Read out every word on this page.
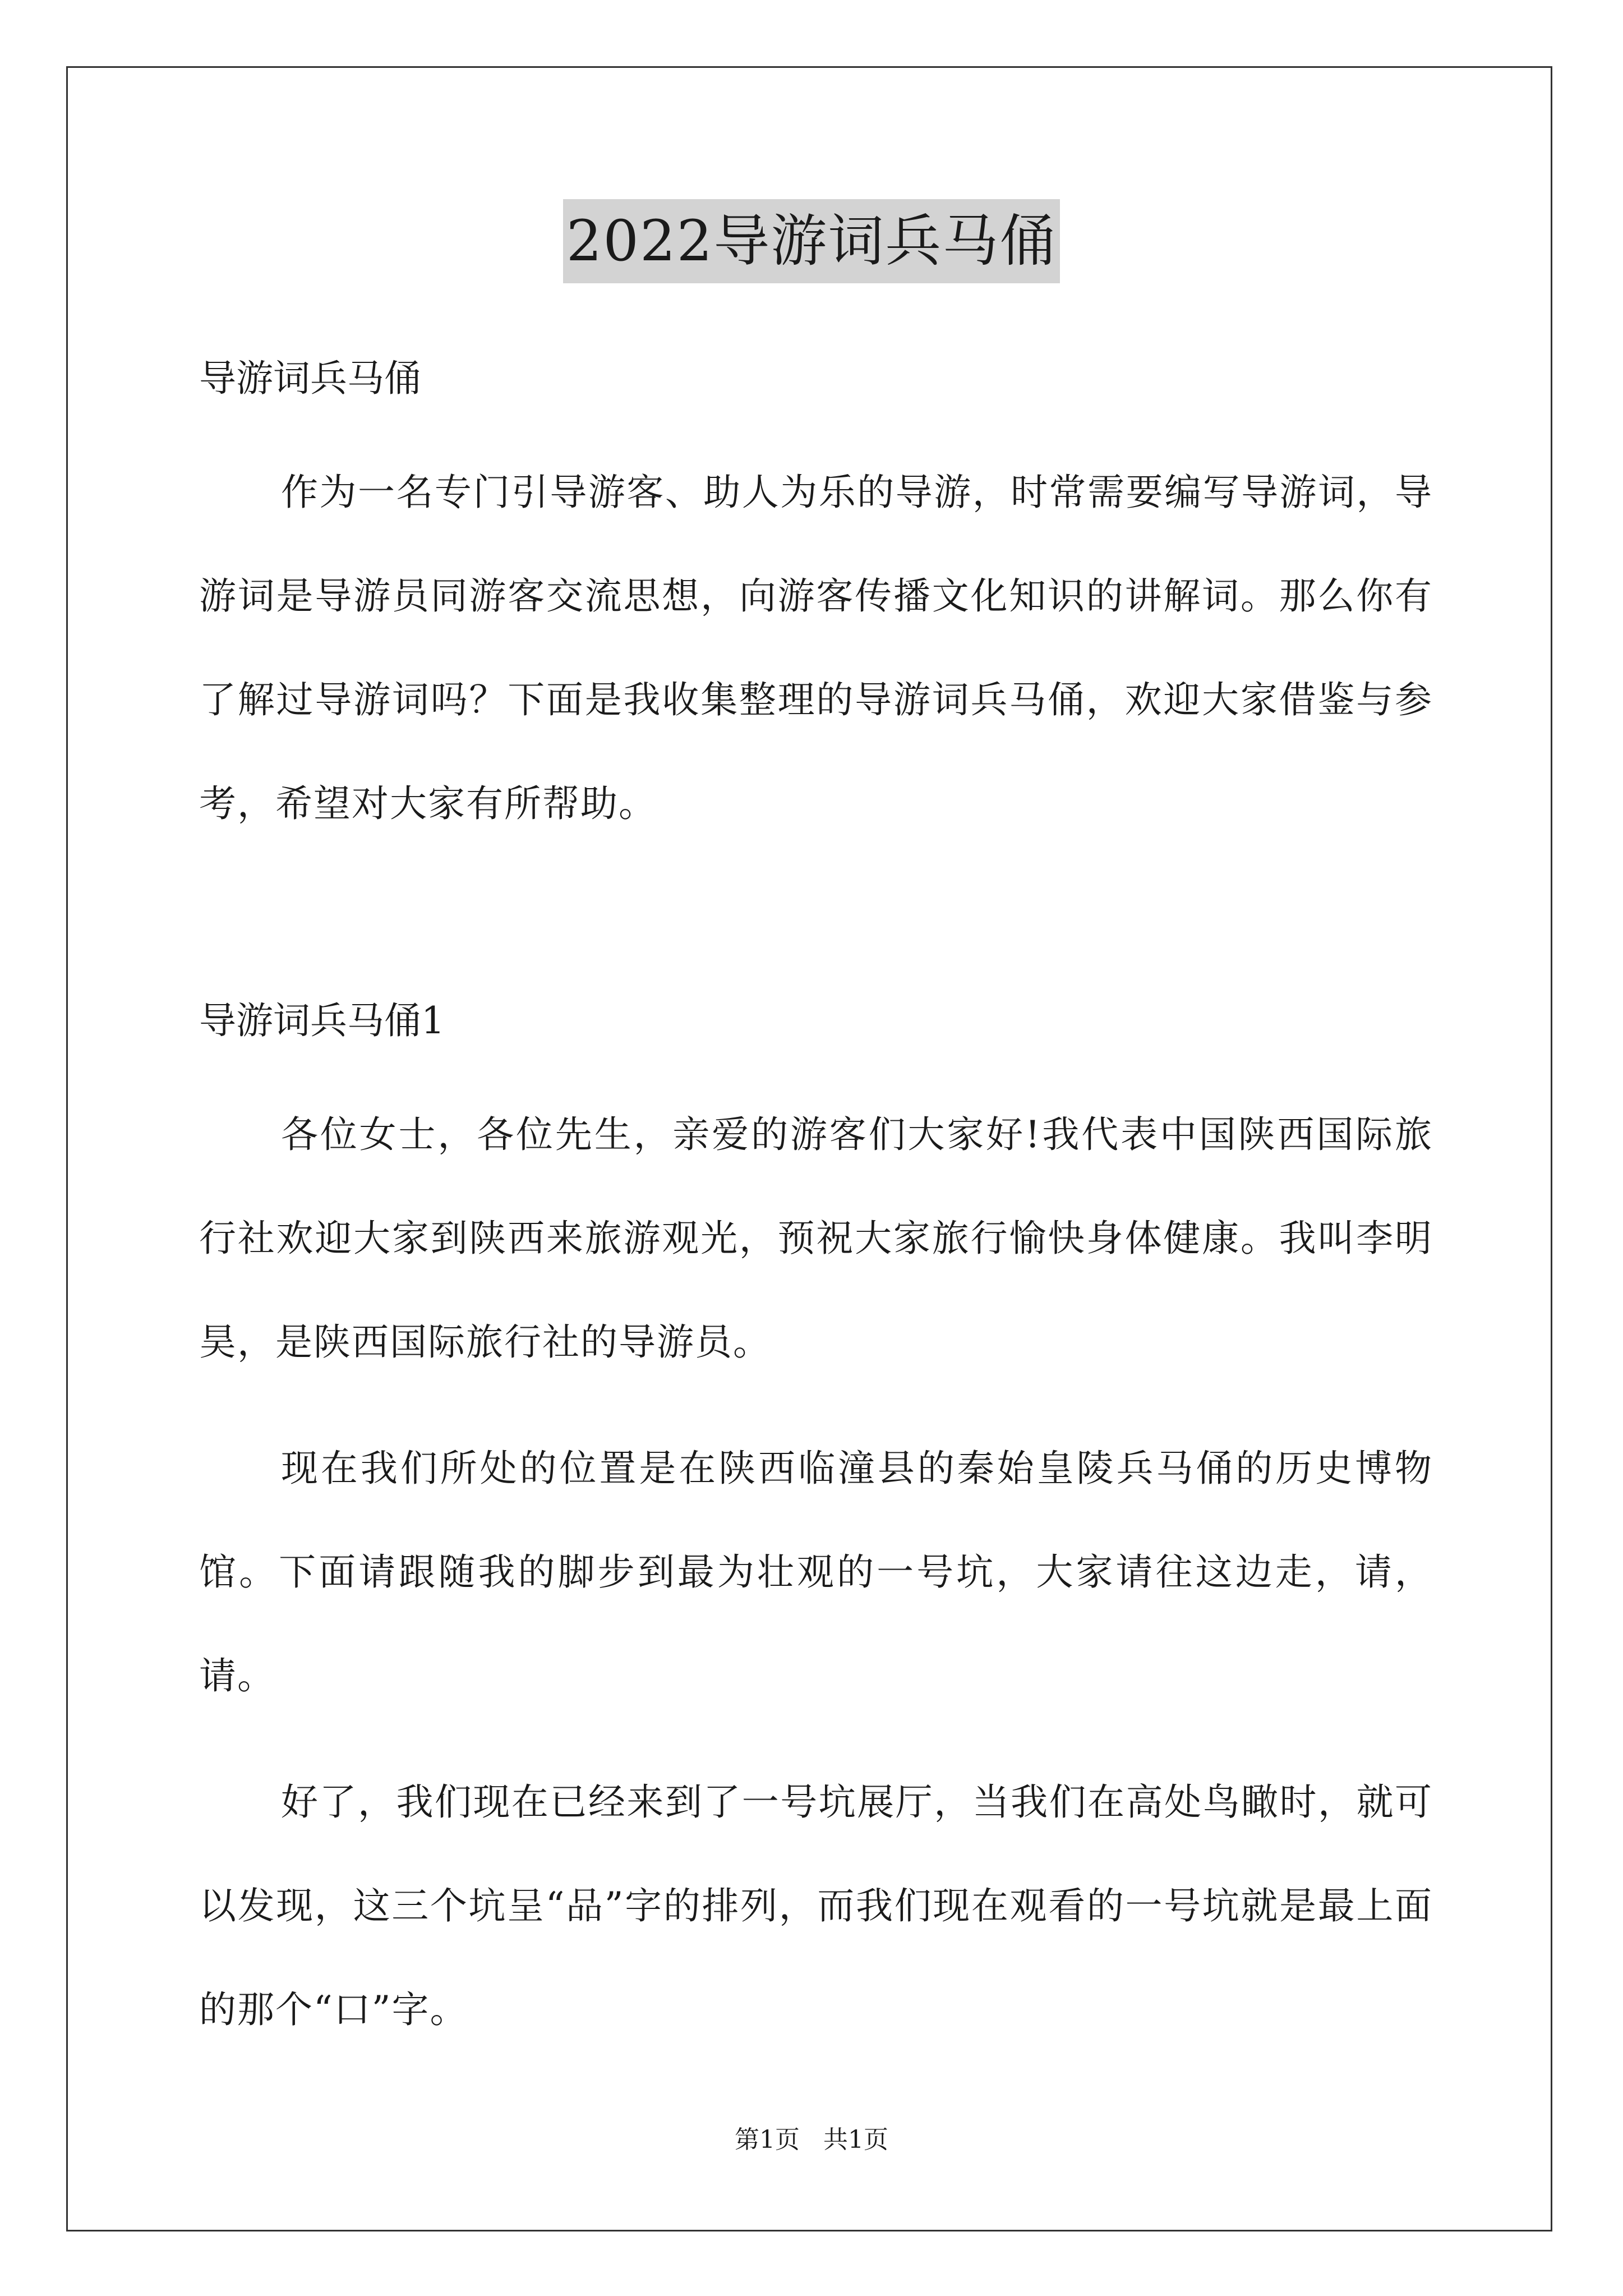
2022导游词兵马俑

导游词兵马俑

作为一名专门引导游客、助人为乐的导游，时常需要编写导游词，导游词是导游员同游客交流思想，向游客传播文化知识的讲解词。那么你有了解过导游词吗？下面是我收集整理的导游词兵马俑，欢迎大家借鉴与参考，希望对大家有所帮助。

导游词兵马俑1

各位女士，各位先生，亲爱的游客们大家好!我代表中国陕西国际旅行社欢迎大家到陕西来旅游观光，预祝大家旅行愉快身体健康。我叫李明昊，是陕西国际旅行社的导游员。

现在我们所处的位置是在陕西临潼县的秦始皇陵兵马俑的历史博物馆。下面请跟随我的脚步到最为壮观的一号坑，大家请往这边走，请，请。

好了，我们现在已经来到了一号坑展厅，当我们在高处鸟瞰时，就可以发现，这三个坑呈“品”字的排列，而我们现在观看的一号坑就是最上面的那个“口”字。

第1页   共1页
